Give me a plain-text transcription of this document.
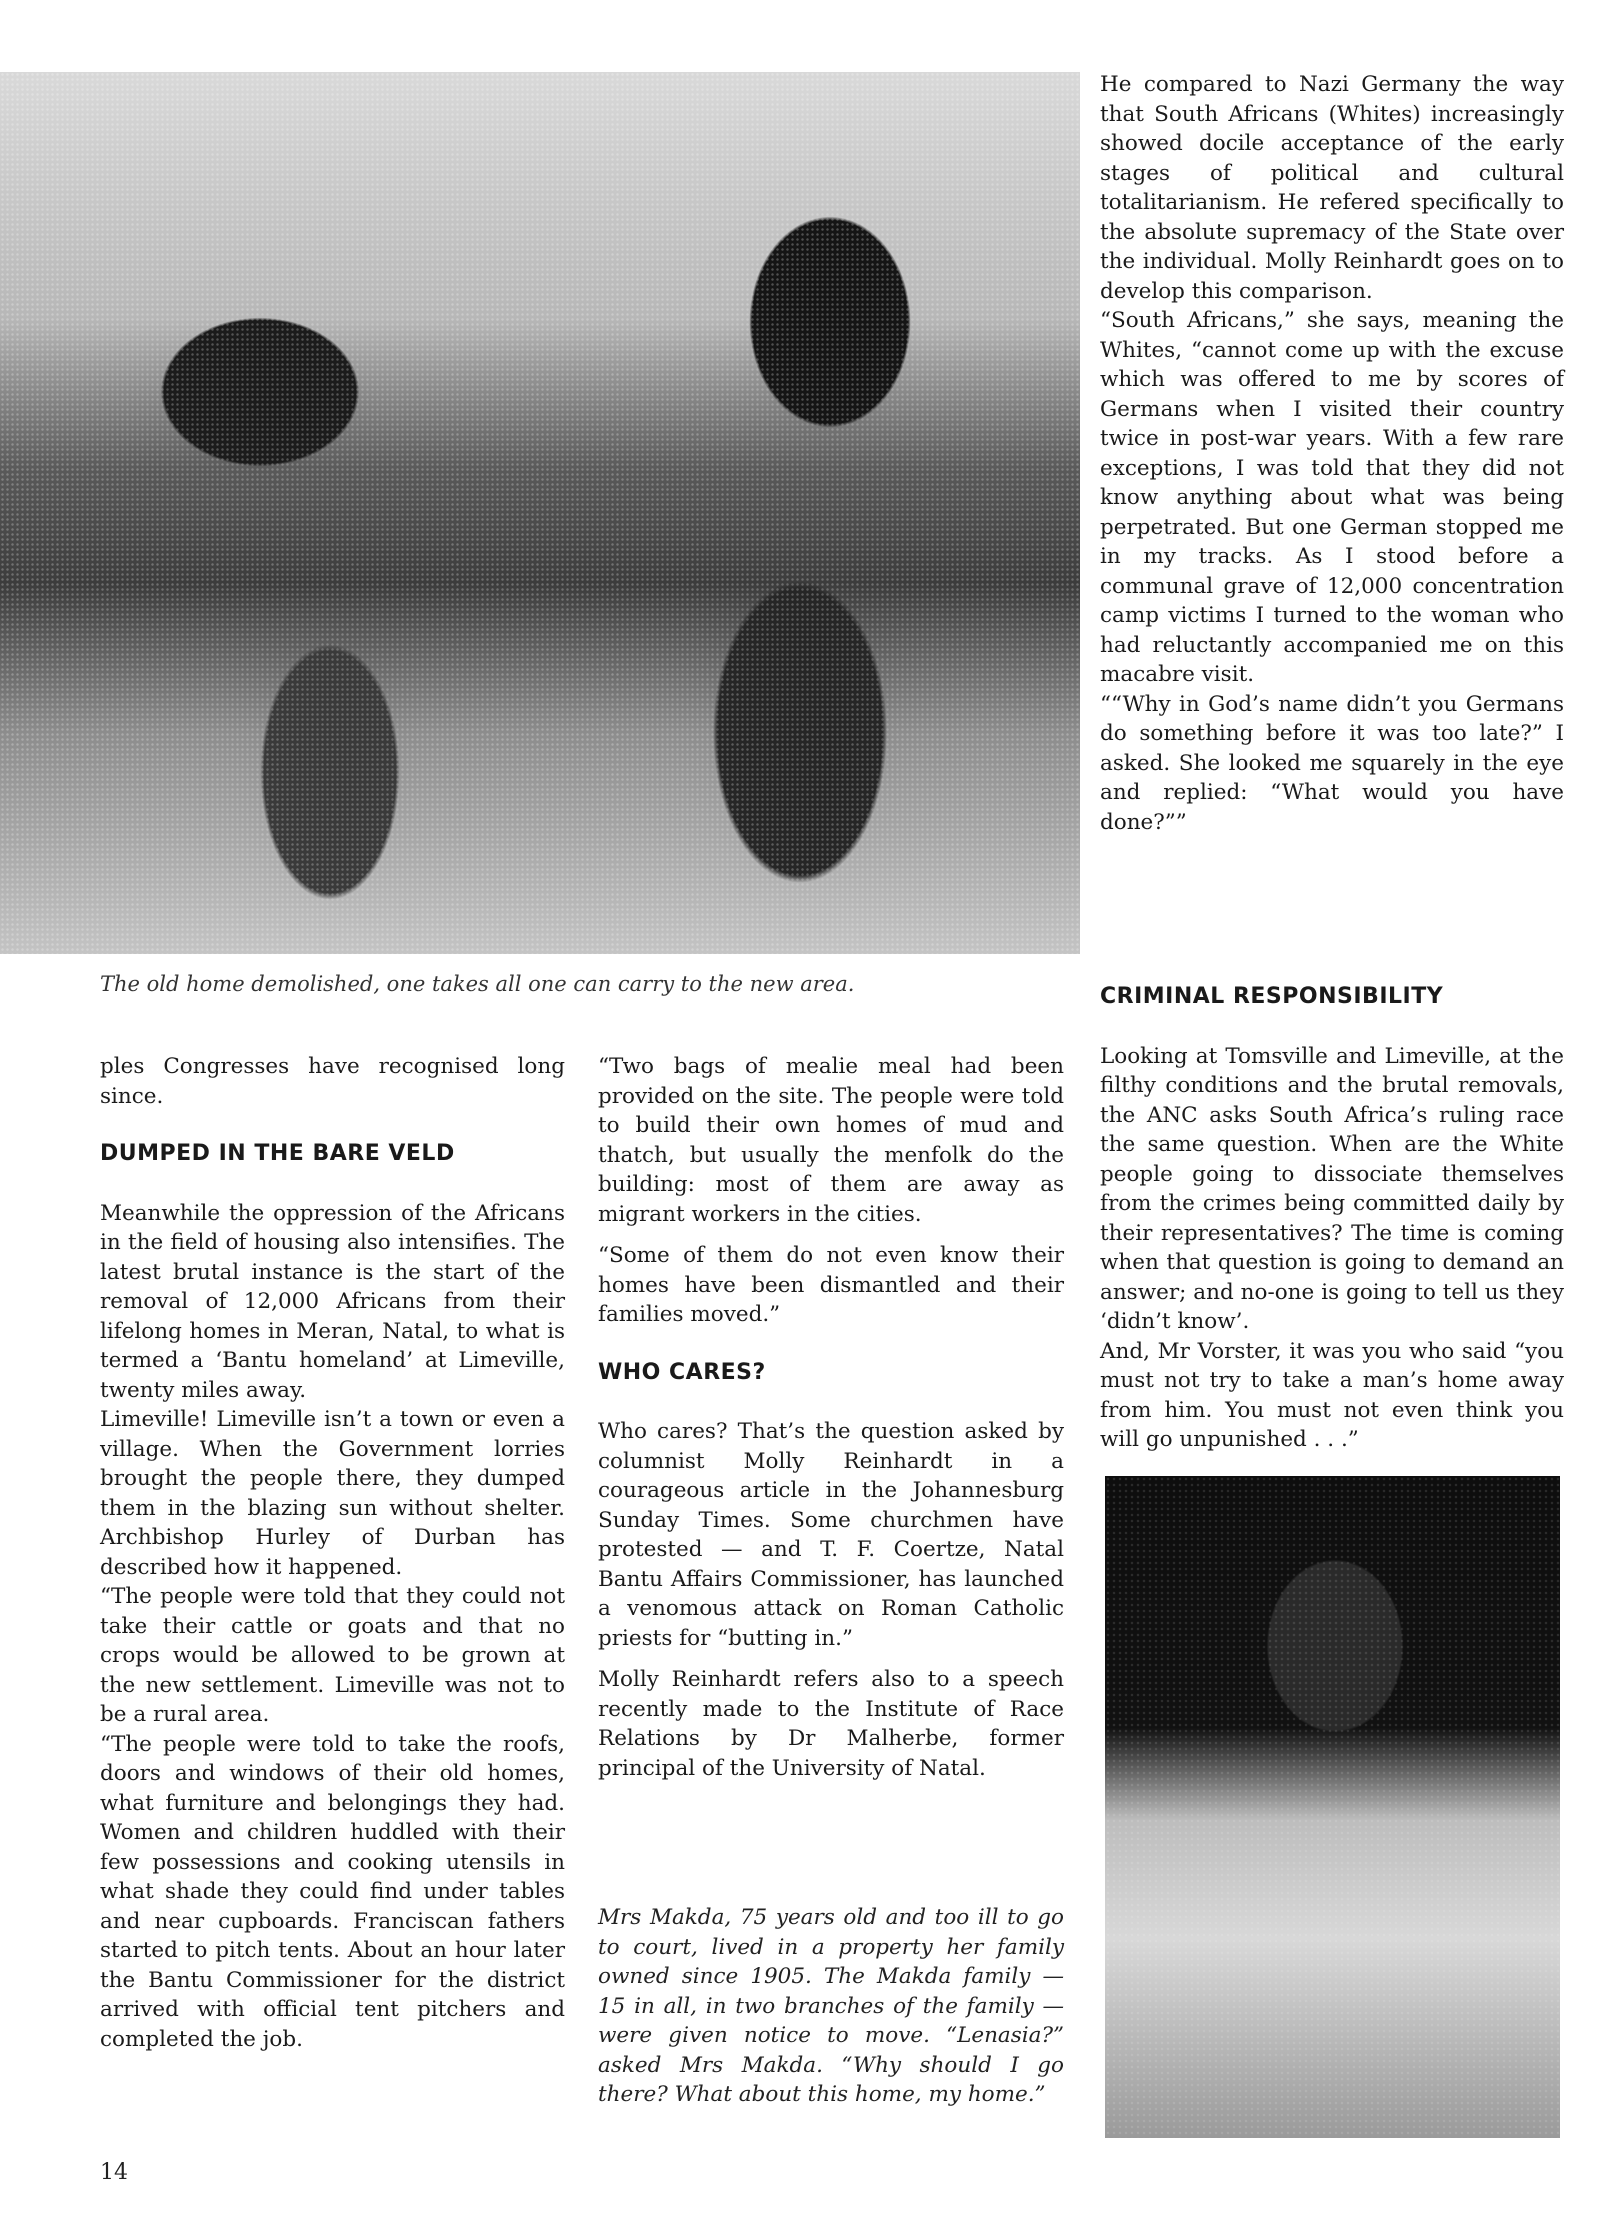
The old home demolished, one takes all one can carry to the new area.

ples Congresses have recognised long since.

DUMPED IN THE BARE VELD

Meanwhile the oppression of the Africans in the field of housing also intensifies. The latest brutal instance is the start of the removal of 12,000 Africans from their lifelong homes in Meran, Natal, to what is termed a ‘Bantu homeland’ at Limeville, twenty miles away.

Limeville! Limeville isn’t a town or even a village. When the Government lorries brought the people there, they dumped them in the blazing sun without shelter. Archbishop Hurley of Durban has described how it happened.

“The people were told that they could not take their cattle or goats and that no crops would be allowed to be grown at the new settlement. Limeville was not to be a rural area.

“The people were told to take the roofs, doors and windows of their old homes, what furniture and belongings they had. Women and children huddled with their few possessions and cooking utensils in what shade they could find under tables and near cupboards. Franciscan fathers started to pitch tents. About an hour later the Bantu Commissioner for the district arrived with official tent pitchers and completed the job.

“Two bags of mealie meal had been provided on the site. The people were told to build their own homes of mud and thatch, but usually the menfolk do the building: most of them are away as migrant workers in the cities.

“Some of them do not even know their homes have been dismantled and their families moved.”

WHO CARES?

Who cares? That’s the question asked by columnist Molly Reinhardt in a courageous article in the Johannesburg Sunday Times. Some churchmen have protested — and T. F. Coertze, Natal Bantu Affairs Commissioner, has launched a venomous attack on Roman Catholic priests for “butting in.”

Molly Reinhardt refers also to a speech recently made to the Institute of Race Relations by Dr Malherbe, former principal of the University of Natal.

Mrs Makda, 75 years old and too ill to go to court, lived in a property her family owned since 1905. The Makda family — 15 in all, in two branches of the family — were given notice to move. “Lenasia?” asked Mrs Makda. “Why should I go there? What about this home, my home.”

He compared to Nazi Germany the way that South Africans (Whites) increasingly showed docile acceptance of the early stages of political and cultural totalitarianism. He refered specifically to the absolute supremacy of the State over the individual. Molly Reinhardt goes on to develop this comparison.

“South Africans,” she says, meaning the Whites, “cannot come up with the excuse which was offered to me by scores of Germans when I visited their country twice in post-war years. With a few rare exceptions, I was told that they did not know anything about what was being perpetrated. But one German stopped me in my tracks. As I stood before a communal grave of 12,000 concentration camp victims I turned to the woman who had reluctantly accompanied me on this macabre visit.

““Why in God’s name didn’t you Germans do something before it was too late?” I asked. She looked me squarely in the eye and replied: “What would you have done?””

CRIMINAL RESPONSIBILITY

Looking at Tomsville and Limeville, at the filthy conditions and the brutal removals, the ANC asks South Africa’s ruling race the same question. When are the White people going to dissociate themselves from the crimes being committed daily by their representatives? The time is coming when that question is going to demand an answer; and no-one is going to tell us they ‘didn’t know’.

And, Mr Vorster, it was you who said “you must not try to take a man’s home away from him. You must not even think you will go unpunished . . .”

14
